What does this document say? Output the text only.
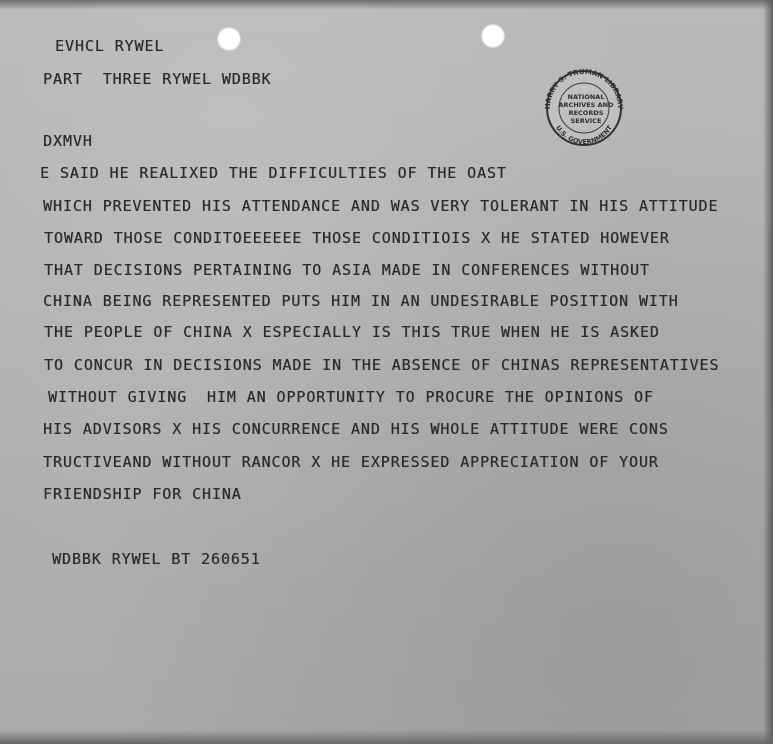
EVHCL RYWEL
PART  THREE RYWEL WDBBK
DXMVH
E SAID HE REALIXED THE DIFFICULTIES OF THE OAST
WHICH PREVENTED HIS ATTENDANCE AND WAS VERY TOLERANT IN HIS ATTITUDE
TOWARD THOSE CONDITOEEEEEE THOSE CONDITIOIS X HE STATED HOWEVER
THAT DECISIONS PERTAINING TO ASIA MADE IN CONFERENCES WITHOUT
CHINA BEING REPRESENTED PUTS HIM IN AN UNDESIRABLE POSITION WITH
THE PEOPLE OF CHINA X ESPECIALLY IS THIS TRUE WHEN HE IS ASKED
TO CONCUR IN DECISIONS MADE IN THE ABSENCE OF CHINAS REPRESENTATIVES
WITHOUT GIVING  HIM AN OPPORTUNITY TO PROCURE THE OPINIONS OF
HIS ADVISORS X HIS CONCURRENCE AND HIS WHOLE ATTITUDE WERE CONS
TRUCTIVEAND WITHOUT RANCOR X HE EXPRESSED APPRECIATION OF YOUR
FRIENDSHIP FOR CHINA
WDBBK RYWEL BT 260651
HARRY S. TRUMAN LIBRARY
U.S. GOVERNMENT
NATIONAL
ARCHIVES AND
RECORDS
SERVICE
